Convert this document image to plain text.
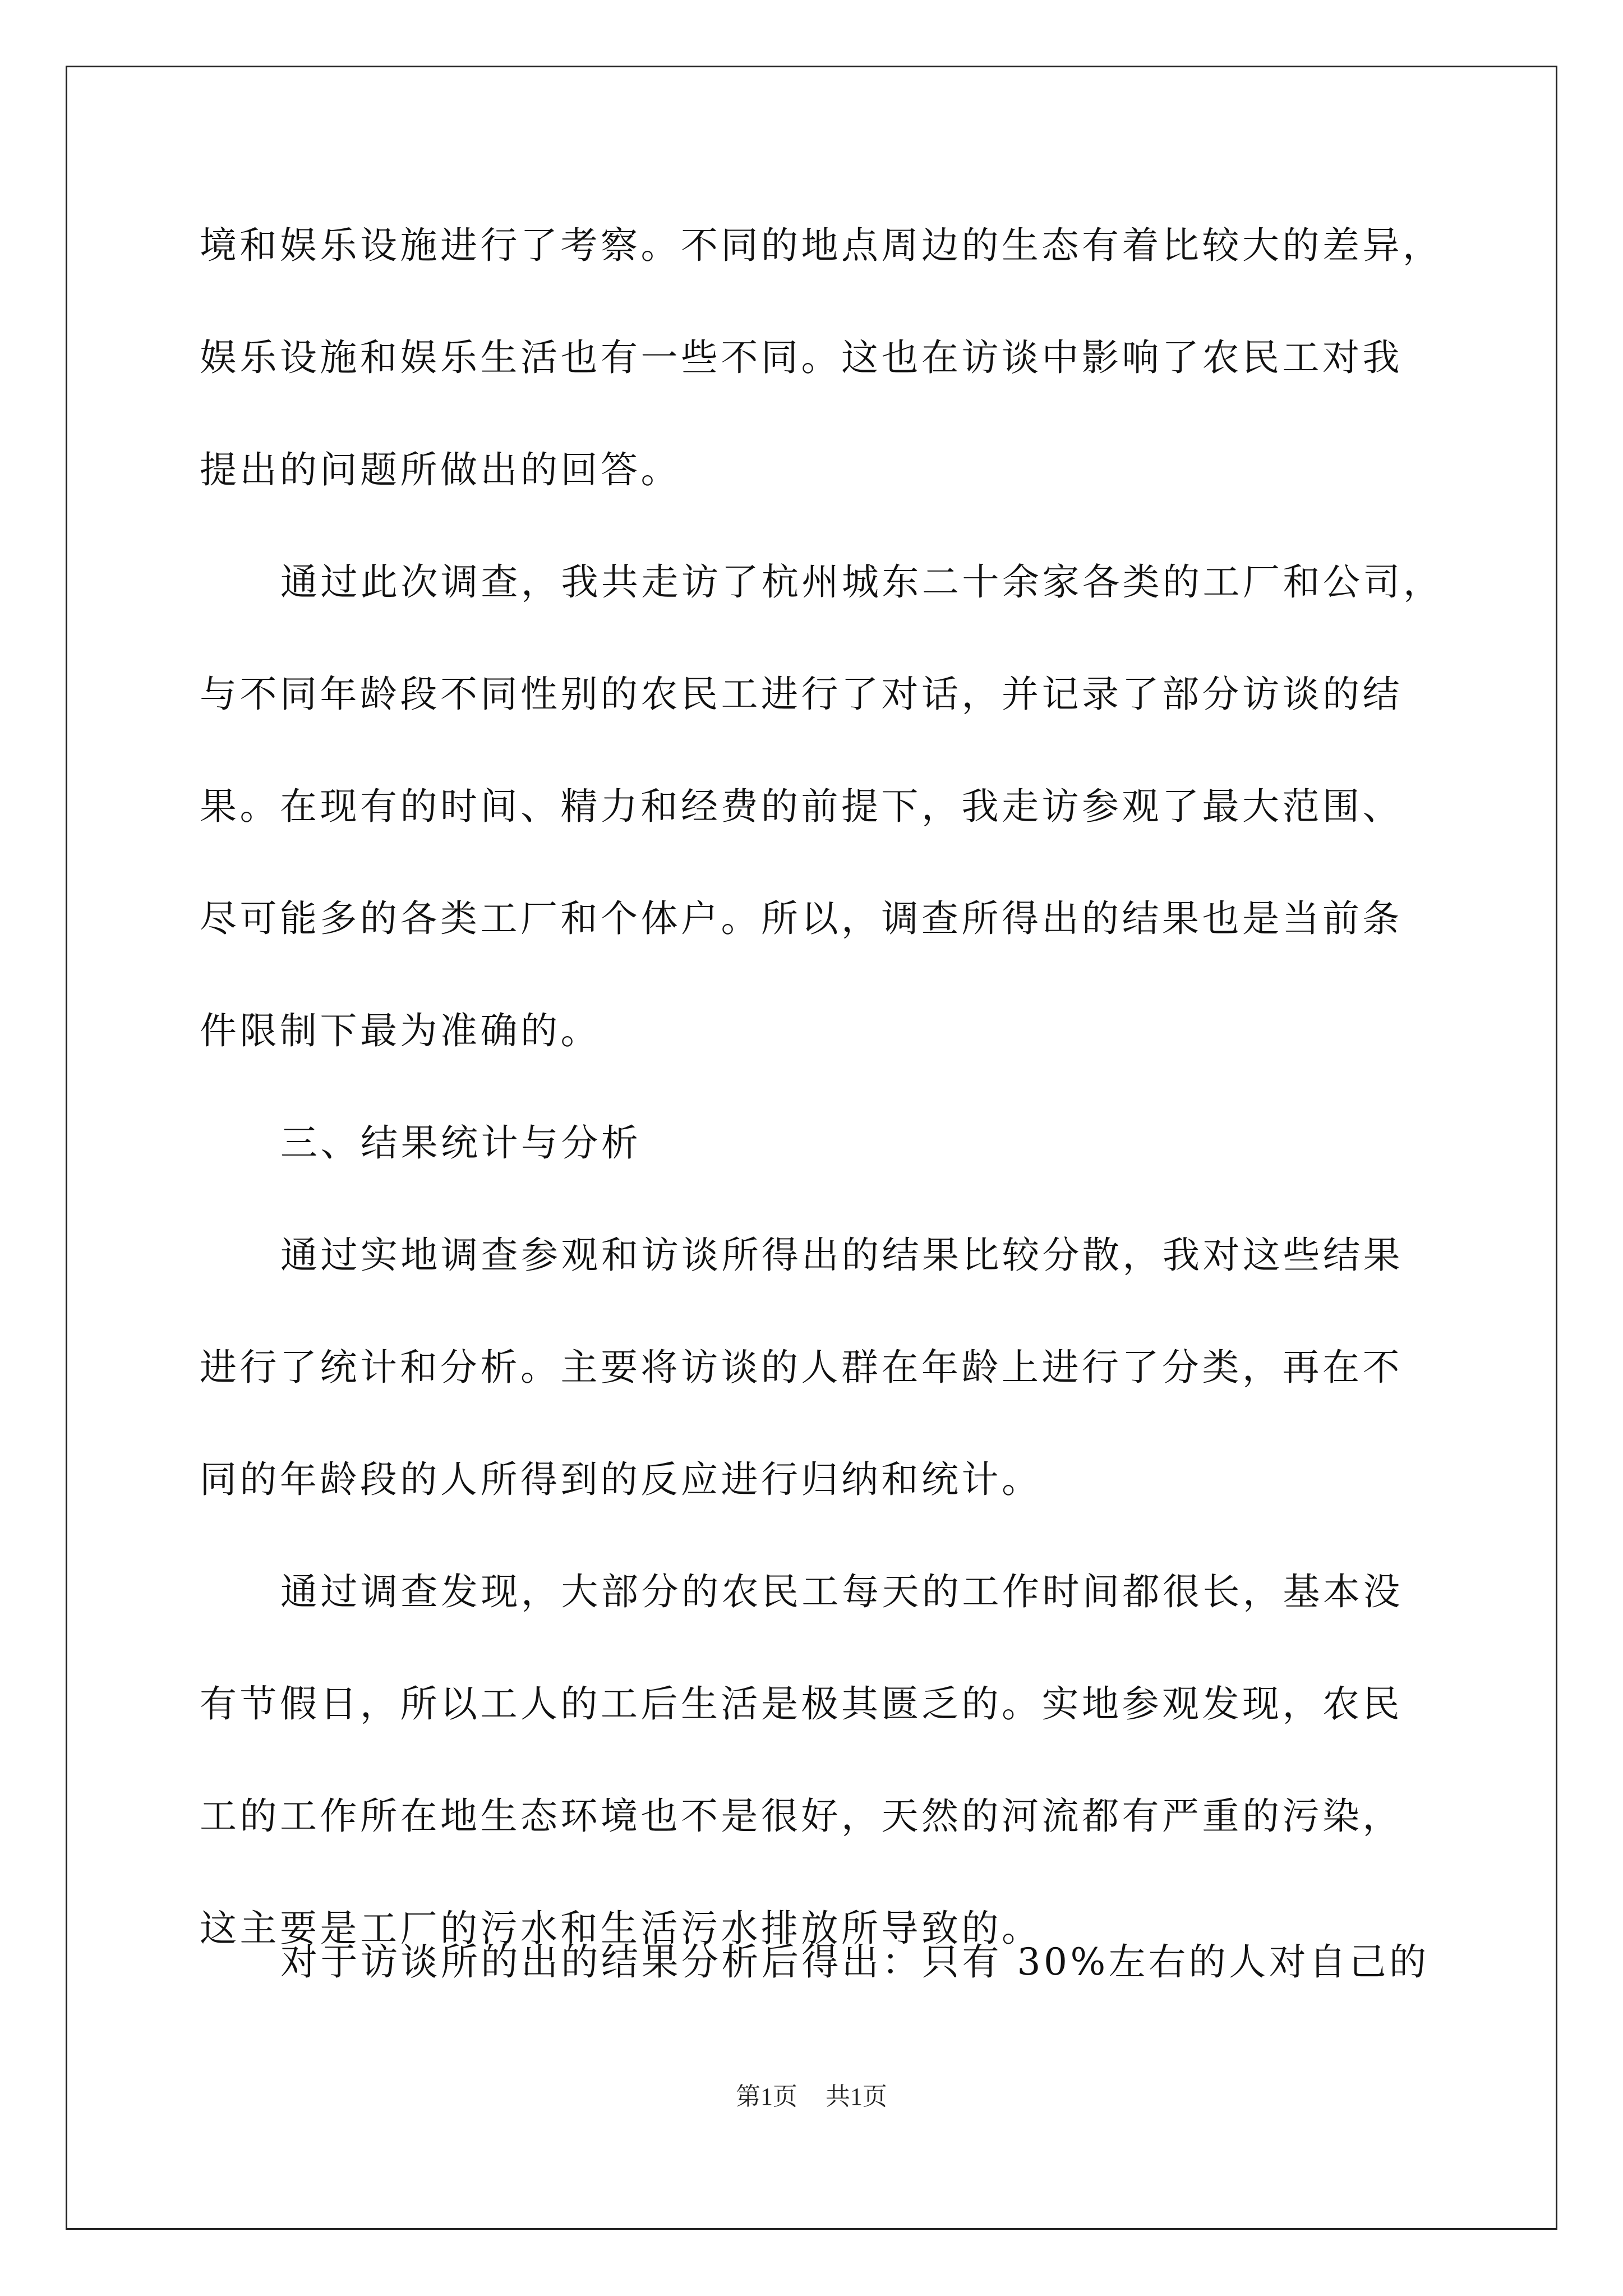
境和娱乐设施进行了考察。不同的地点周边的生态有着比较大的差异，
娱乐设施和娱乐生活也有一些不同。这也在访谈中影响了农民工对我
提出的问题所做出的回答。
通过此次调查，我共走访了杭州城东二十余家各类的工厂和公司，
与不同年龄段不同性别的农民工进行了对话，并记录了部分访谈的结
果。在现有的时间、精力和经费的前提下，我走访参观了最大范围、
尽可能多的各类工厂和个体户。所以，调查所得出的结果也是当前条
件限制下最为准确的。
三、结果统计与分析
通过实地调查参观和访谈所得出的结果比较分散，我对这些结果
进行了统计和分析。主要将访谈的人群在年龄上进行了分类，再在不
同的年龄段的人所得到的反应进行归纳和统计。
通过调查发现，大部分的农民工每天的工作时间都很长，基本没
有节假日，所以工人的工后生活是极其匮乏的。实地参观发现，农民
工的工作所在地生态环境也不是很好，天然的河流都有严重的污染，
这主要是工厂的污水和生活污水排放所导致的。
对于访谈所的出的结果分析后得出：只有 30%左右的人对自己的
第1页 共1页
